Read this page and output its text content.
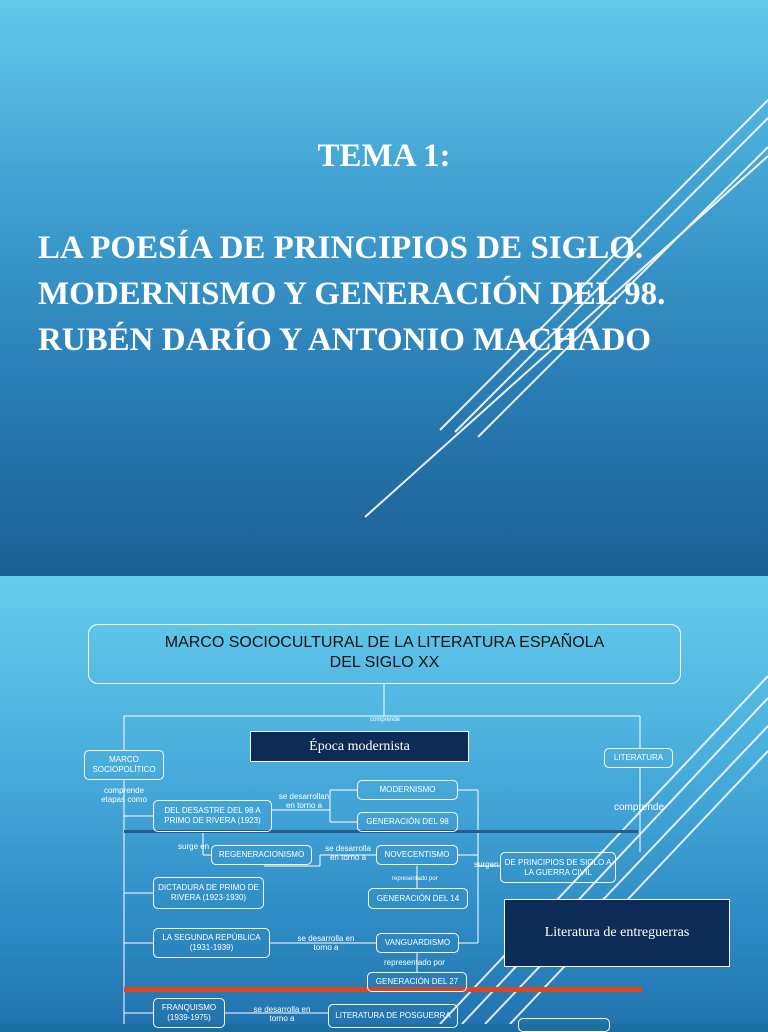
TEMA 1:
LA POESÍA DE PRINCIPIOS DE SIGLO.
MODERNISMO Y GENERACIÓN DEL 98.
RUBÉN DARÍO Y ANTONIO MACHADO
MARCO SOCIOCULTURAL DE LA LITERATURA ESPAÑOLA
DEL SIGLO XX
comprende
Época modernista
Literatura de entreguerras
MARCO SOCIOPOLÍTICO
LITERATURA
DEL DESASTRE DEL 98 A PRIMO DE RIVERA (1923)
MODERNISMO
GENERACIÓN DEL 98
REGENERACIONISMO	NOVECENTISMO
DE PRINCIPIOS DE SIGLO A LA GUERRA CIVIL
DICTADURA DE PRIMO DE RIVERA (1923-1930)	GENERACIÓN DEL 14
LA SEGUNDA REPÚBLICA (1931-1939)
VANGUARDISMO
GENERACIÓN DEL 27
FRANQUISMO (1939-1975)	LITERATURA DE POSGUERRA
comprende etapas como	se desarrollan en torno a
se desarrolla en torno a
surge en
surgen
comprende
representado por
se desarrolla en torno a
representado por
se desarrolla en torno a
